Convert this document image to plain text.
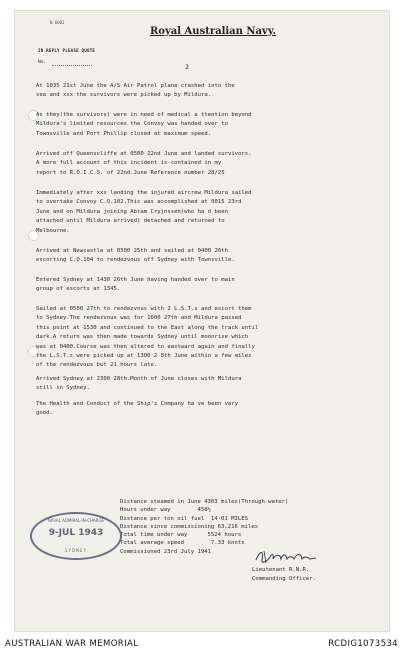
N 6002
Royal Australian Navy.
IN REPLY PLEASE QUOTE
No.
2

At 1035 21st June the A/S Air Patrol plane crashed into the
sea and xxx the survivors were picked up by Mildura.

As they(the survivors) were in need of medical a ttention beyond
Mildura's limited resources the Convoy was handed over to
Townsville and Port Phillip closed at maximum speed.

Arrived off Queenscliffe at 0500 22nd June and landed survivors.
A more full account of this incident is contained in my
report to R.O.I.C.S. of 22nd.June Reference number 28/25

Immediately after xxx landing the injured aircrew Mildura sailed
to overtake Convoy C.O.102.This was accomplished at 0015 23rd
June and on Mildura joining Abram Cryjnssen(who ha d been
attached until Mildura arrived) detached and returned to
Melbourne.

Arrived at Newcastle at 0500 25th and sailed at 0400 26th
escorting C.O.104 to rendezvous off Sydney with Townsville.

Entered Sydney at 1430 26th June having handed over to main
group of escorts at 1345.

Sailed at 0500 27th to rendezvous with 2 L.S.T.s and escort them
to Sydney.The rendezvous was for 1600 27th and Mildura passed
this point at 1530 and continued to the East along the track until
dark.A return was then made towards Sydney until moonrise which
was at 0400.Course was then altered to eastward again and finally
the L.S.T.s were picked up at 1300 2 8th June within a few miles
of the rendezvous but 21 hours late.

Arrived Sydney at 2300 28th.Month of June closes with Mildura
still in Sydney.

The Health and Conduct of the Ship's Company ha ve been very
good.

Distance steamed in June 4303 miles(Through water)
Hours under way        458½
Distance per ton oil fuel  14·01 MILES
Distance since commissioning 63,216 miles
Total time under way      5524 hours
Total average speed        7.33 knots
Commissioned 23rd July 1941
NAVAL ADMIRAL-IN-CHARGE
9-JUL 1943
SYDNEY
Lieutenant R.N.R.
Commanding Officer.
AUSTRALIAN WAR MEMORIAL	RCDIG1073534
